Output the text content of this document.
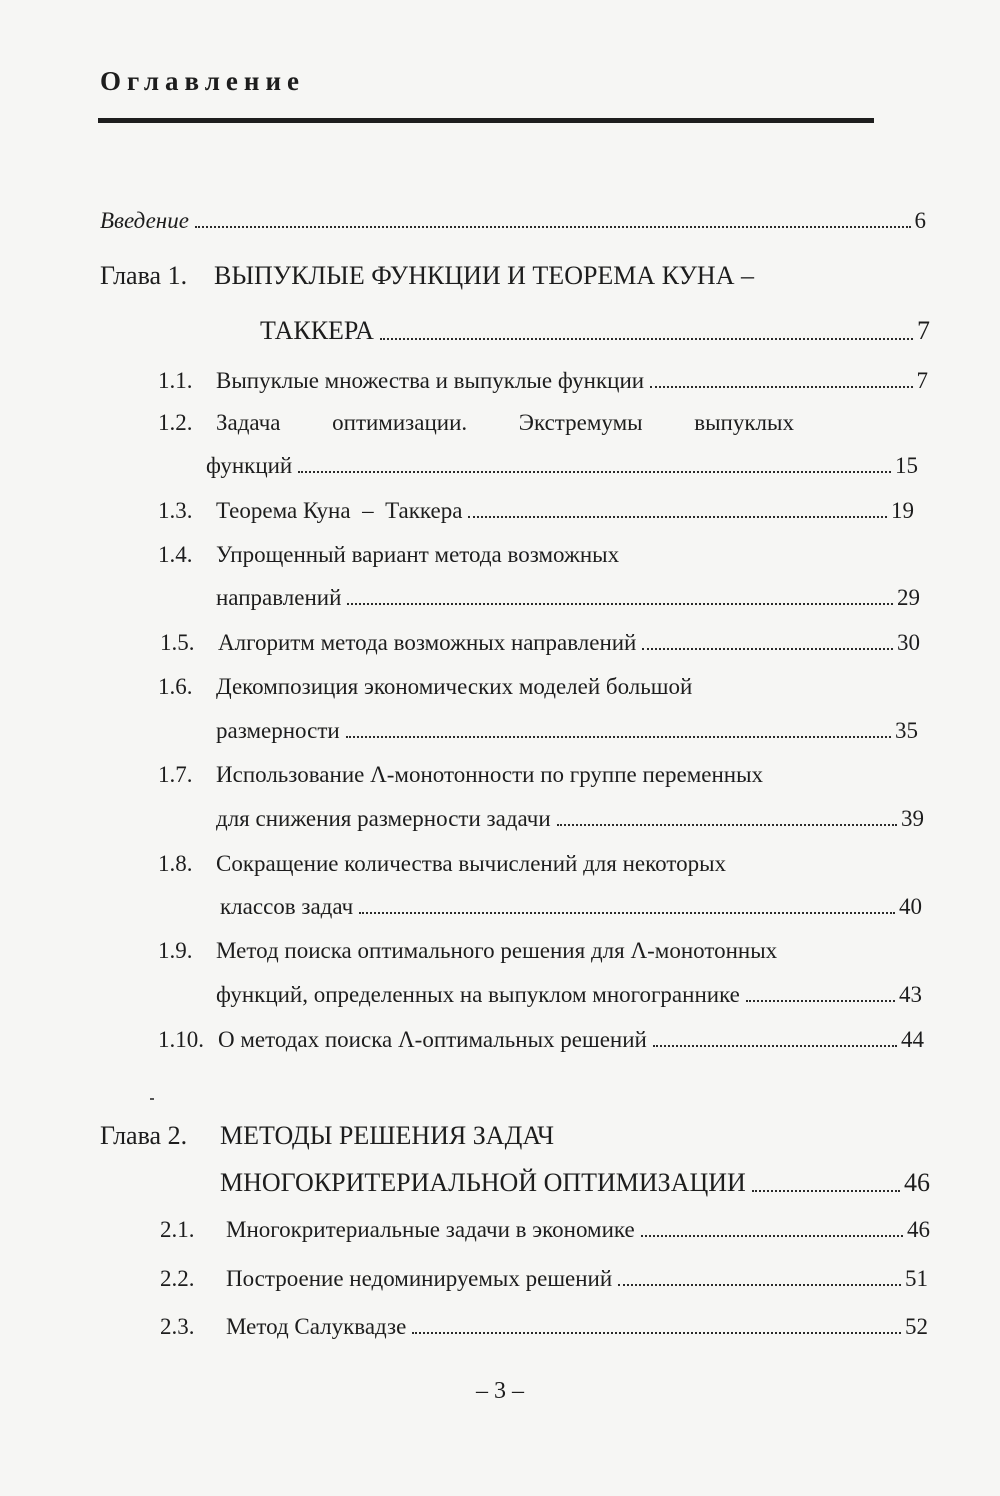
Оглавление
Введение	6
Глава 1.	ВЫПУКЛЫЕ ФУНКЦИИ И ТЕОРЕМА КУНА –
ТАККЕРА	7
1.1.	Выпуклые множества и выпуклые функции	7
1.2.	Задача оптимизации. Экстремумы выпуклых
функций	15
1.3.	Теорема Куна  –  Таккера	19
1.4.	Упрощенный вариант метода возможных
направлений	29
1.5.	Алгоритм метода возможных направлений	30
1.6.	Декомпозиция экономических моделей большой
размерности	35
1.7.	Использование Λ-монотонности по группе переменных
для снижения размерности задачи	39
1.8.	Сокращение количества вычислений для некоторых
классов задач	40
1.9.	Метод поиска оптимального решения для Λ-монотонных
функций, определенных на выпуклом многограннике	43
1.10. О методах поиска Λ-оптимальных решений	44
Глава 2.	МЕТОДЫ РЕШЕНИЯ ЗАДАЧ
МНОГОКРИТЕРИАЛЬНОЙ ОПТИМИЗАЦИИ	46
2.1.	Многокритериальные задачи в экономике	46
2.2.	Построение недоминируемых решений	51
2.3.	Метод Салуквадзе	52
– 3 –
